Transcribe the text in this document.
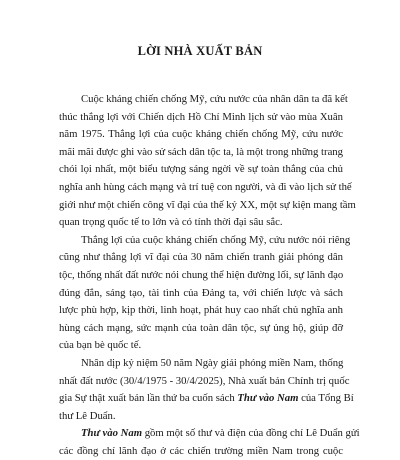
LỜI NHÀ XUẤT BẢN

Cuộc kháng chiến chống Mỹ, cứu nước của nhân dân ta đã kết
thúc thắng lợi với Chiến dịch Hồ Chí Minh lịch sử vào mùa Xuân
năm 1975. Thắng lợi của cuộc kháng chiến chống Mỹ, cứu nước
mãi mãi được ghi vào sử sách dân tộc ta, là một trong những trang
chói lọi nhất, một biểu tượng sáng ngời về sự toàn thắng của chủ
nghĩa anh hùng cách mạng và trí tuệ con người, và đi vào lịch sử thế
giới như một chiến công vĩ đại của thế kỷ XX, một sự kiện mang tầm
quan trọng quốc tế to lớn và có tính thời đại sâu sắc.

Thắng lợi của cuộc kháng chiến chống Mỹ, cứu nước nói riêng
cũng như thắng lợi vĩ đại của 30 năm chiến tranh giải phóng dân
tộc, thống nhất đất nước nói chung thể hiện đường lối, sự lãnh đạo
đúng đắn, sáng tạo, tài tình của Đảng ta, với chiến lược và sách
lược phù hợp, kịp thời, linh hoạt, phát huy cao nhất chủ nghĩa anh
hùng cách mạng, sức mạnh của toàn dân tộc, sự ủng hộ, giúp đỡ
của bạn bè quốc tế.

Nhân dịp kỷ niệm 50 năm Ngày giải phóng miền Nam, thống
nhất đất nước (30/4/1975 - 30/4/2025), Nhà xuất bản Chính trị quốc
gia Sự thật xuất bản lần thứ ba cuốn sách Thư vào Nam của Tổng Bí
thư Lê Duẩn.

Thư vào Nam gồm một số thư và điện của đồng chí Lê Duẩn gửi
các đồng chí lãnh đạo ở các chiến trường miền Nam trong cuộc
